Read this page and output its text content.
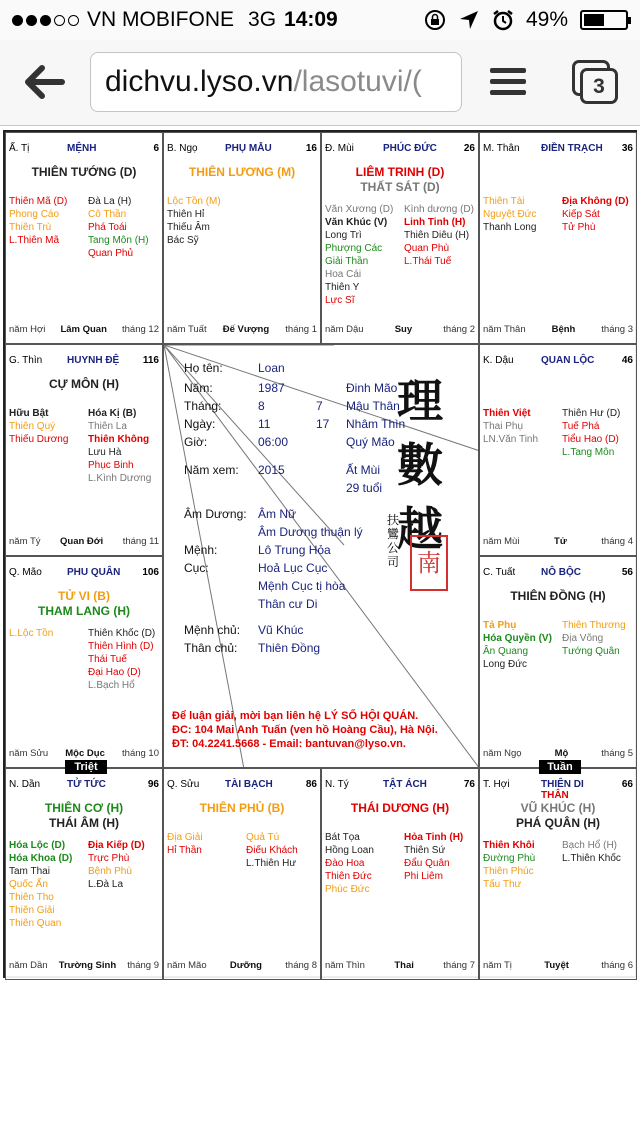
VN MOBIFONE 3G 14:09	49%
dichvu.lyso.vn/lasotuvi/(	3
Ấ. Tị	MỆNH	6
THIÊN TƯỚNG (D)
Thiên Mã (D)
Phong Cáo
Thiên Trù
L.Thiên Mã
Đà La (H)
Cô Thần
Phá Toái
Tang Môn (H)
Quan Phủ
năm Hợi Lâm Quan tháng 12
B. Ngọ	PHỤ MẪU	16
THIÊN LƯƠNG (M)
Lộc Tồn (M)
Thiên Hỉ
Thiếu Âm
Bác Sỹ
năm Tuất Đế Vượng tháng 1
Đ. Mùi	PHÚC ĐỨC	26
LIÊM TRINH (D)
THẤT SÁT (D)
Văn Xương (D)
Văn Khúc (V)
Long Trì
Phượng Các
Giải Thần
Hoa Cái
Thiên Y
Lực Sĩ
Kình dương (D)
Linh Tinh (H)
Thiên Diêu (H)
Quan Phù
L.Thái Tuế
năm Dậu	Suy	tháng 2
M. Thân	ĐIỀN TRẠCH	36
Thiên Tài
Nguyệt Đức
Thanh Long
Địa Không (D)
Kiếp Sát
Tử Phù
năm Thân	Bệnh	tháng 3
G. Thìn	HUYNH ĐỆ	116
CỰ MÔN (H)
Hữu Bật
Thiên Quý
Thiếu Dương
Hóa Kị (B)
Thiên La
Thiên Không
Lưu Hà
Phục Binh
L.Kình Dương
năm Tý Quan Đới tháng 11
K. Dậu	QUAN LỘC	46
Thiên Việt
Thai Phụ
LN.Văn Tinh
Thiên Hư (D)
Tuế Phá
Tiểu Hao (D)
L.Tang Môn
năm Mùi	Tử	tháng 4
Q. Mão	PHU QUÂN	106
TỬ VI (B)
THAM LANG (H)
L.Lộc Tồn	Thiên Khốc (D)
Thiên Hình (D)
Thái Tuế
Đại Hao (D)
L.Bạch Hổ
năm Sửu Mộc Dục tháng 10
C. Tuất	NÔ BỘC	56
THIÊN ĐỒNG (H)
Tả Phụ
Hóa Quyền (V)
Ân Quang
Long Đức
Thiên Thương
Địa Võng
Tướng Quân
năm Ngọ	Mộ	tháng 5
N. Dần	TỬ TỨC	96
THIÊN CƠ (H)
THÁI ÂM (H)
Hóa Lộc (D)
Hóa Khoa (D)
Tam Thai
Quốc Ấn
Thiên Thọ
Thiên Giải
Thiên Quan
Địa Kiếp (D)
Trực Phù
Bệnh Phù
L.Đà La
năm Dần Trường Sinh tháng 9
Q. Sửu	TÀI BẠCH	86
THIÊN PHỦ (B)
Địa Giải
Hỉ Thần
Quả Tú
Điếu Khách
L.Thiên Hư
năm Mão Dưỡng tháng 8
N. Tý	TẬT ÁCH	76
THÁI DƯƠNG (H)
Bát Tọa
Hồng Loan
Đào Hoa
Thiên Đức
Phúc Đức
Hỏa Tinh (H)
Thiên Sứ
Đẩu Quân
Phi Liêm
năm Thìn	Thai	tháng 7
T. Hợi	THIÊN DI THÂN
66
VŨ KHÚC (H)
PHÁ QUÂN (H)
Thiên Khôi
Đường Phù
Thiên Phúc
Tấu Thư
Bạch Hổ (H)
L.Thiên Khốc
năm Tị	Tuyệt	tháng 6
Họ tên:	Loan
Năm:	1987	Đinh Mão
Tháng:	8	7 Mậu Thân
Ngày:	11	17 Nhâm Thìn
Giờ:	06:00	Quý Mão
Năm xem: 2015	Ất Mùi
29 tuổi
Âm Dương: Âm Nữ
Âm Dương thuận lý
Mệnh:	Lô Trung Hỏa
Cục:	Hoả Lục Cục
Mệnh Cục tị hòa
Thân cư Di
Mệnh chủ: Vũ Khúc
Thân chủ: Thiên Đồng
理
數
越
南
扶
鸞
公
司
Để luận giải, mời bạn liên hệ LÝ SỐ HỘI QUÁN.
ĐC: 104 Mai Anh Tuấn (ven hồ Hoàng Cầu), Hà Nội.
ĐT: 04.2241.5668 - Email: bantuvan@lyso.vn.
Triệt	Tuần
